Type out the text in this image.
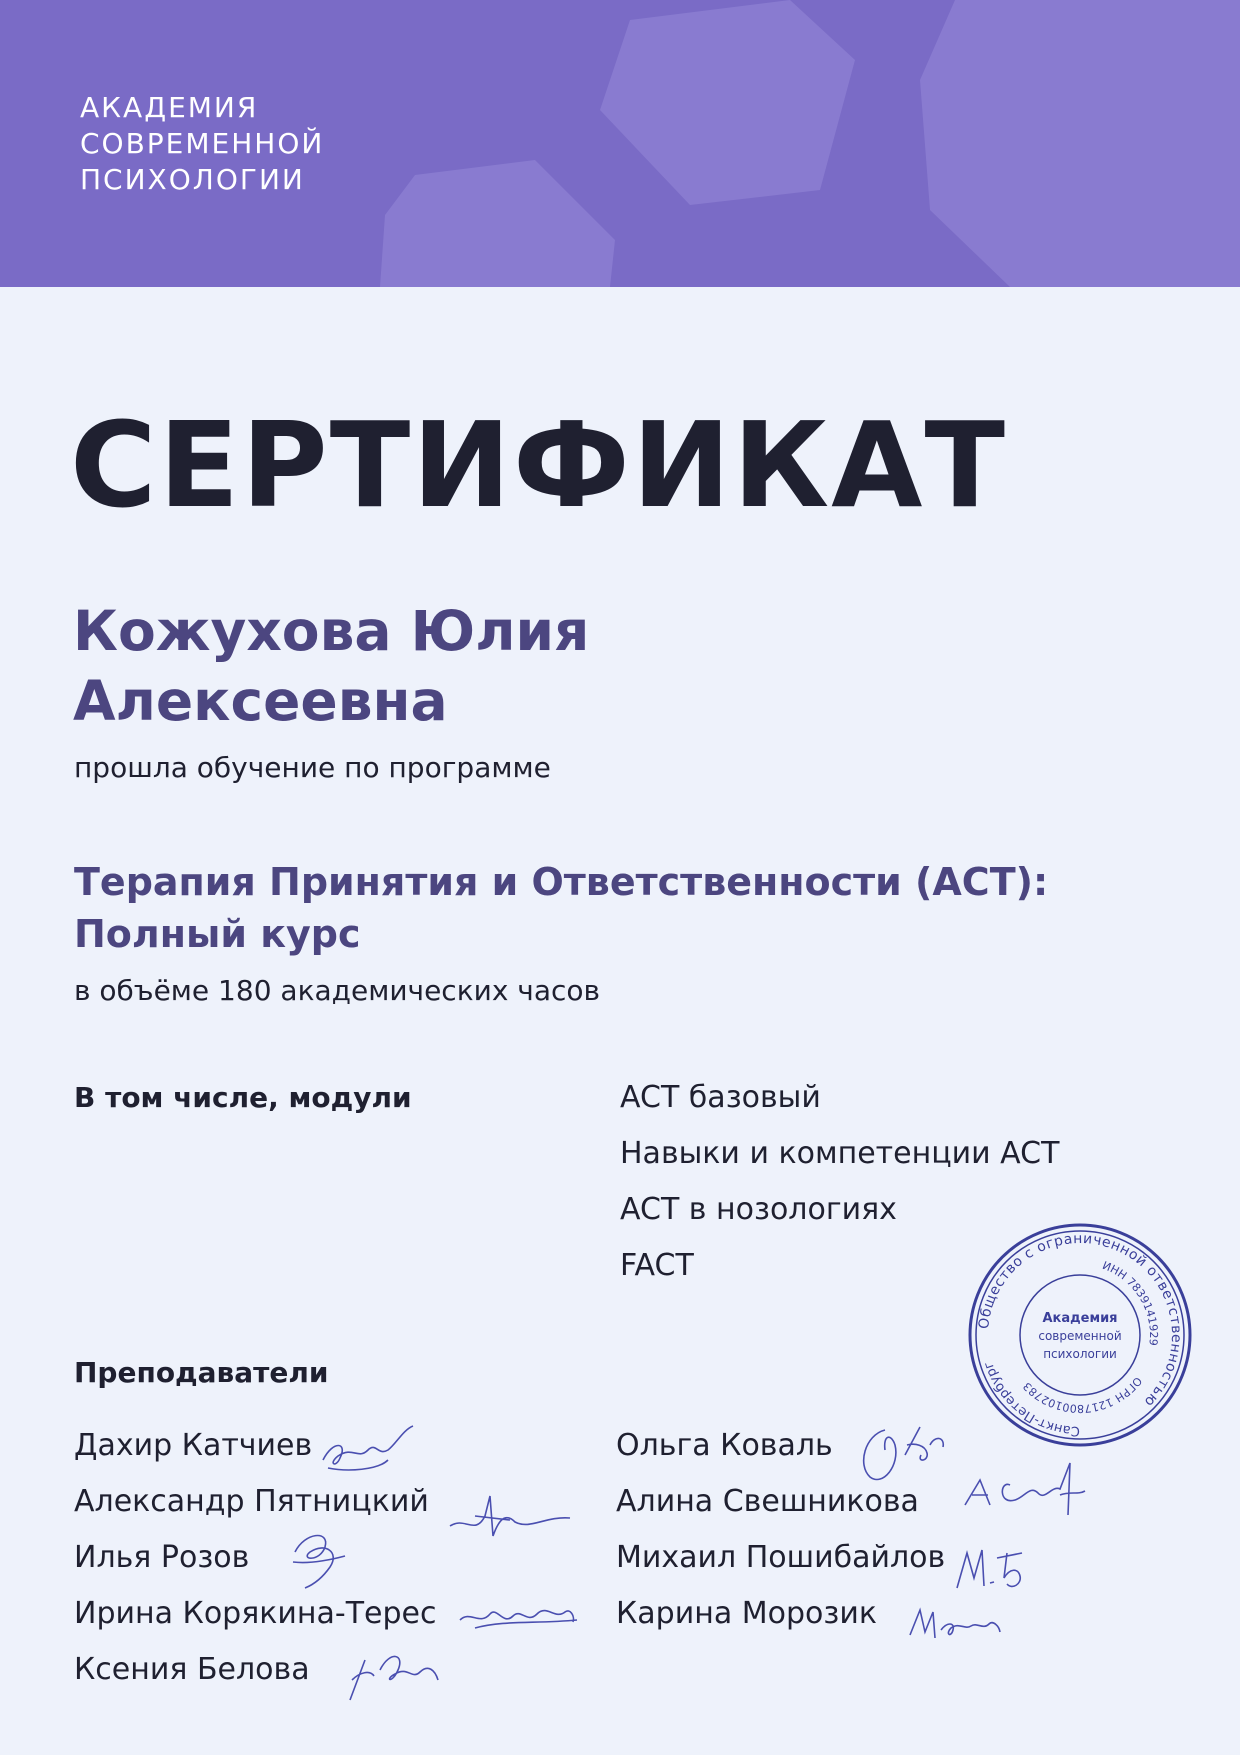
АКАДЕМИЯ
СОВРЕМЕННОЙ
ПСИХОЛОГИИ
СЕРТИФИКАТ
Кожухова Юлия
Алексеевна
прошла обучение по программе
Терапия Принятия и Ответственности (ACT):
Полный курс
в объёме 180 академических часов
В том числе, модули	ACT базовый
Навыки и компетенции ACT
ACT в нозологиях
FACT
Преподаватели
Дахир Катчиев
Александр Пятницкий
Илья Розов
Ирина Корякина-Терес
Ксения Белова
Ольга Коваль
Алина Свешникова
Михаил Пошибайлов
Карина Морозик
Общество с ограниченной ответственностью
ИНН 7839141929
ОГРН 1217800102783
Санкт-Петербург
Академия
современной
психологии
